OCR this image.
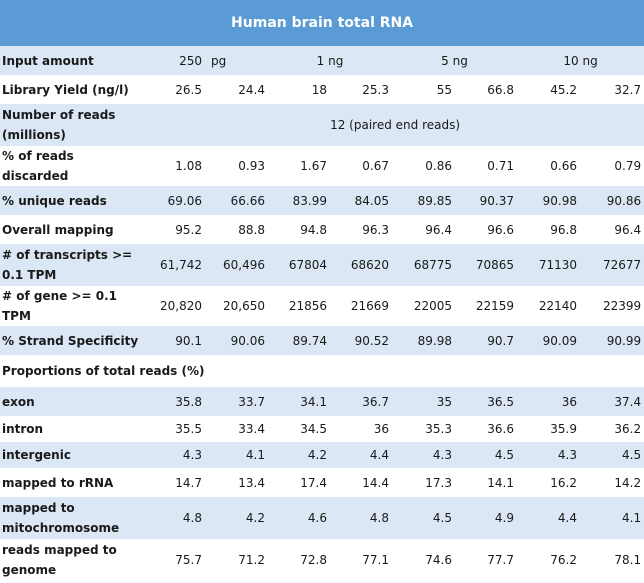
Human brain total RNA								
Input amount	250	pg	1 ng		5 ng		10 ng	
Library Yield (ng/l)	26.5	24.4	18	25.3	55	66.8	45.2	32.7
Number of reads (millions)	12 (paired end reads)							
% of reads discarded	1.08	0.93	1.67	0.67	0.86	0.71	0.66	0.79
% unique reads	69.06	66.66	83.99	84.05	89.85	90.37	90.98	90.86
Overall mapping	95.2	88.8	94.8	96.3	96.4	96.6	96.8	96.4
# of transcripts >= 0.1 TPM	61,742	60,496	67804	68620	68775	70865	71130	72677
# of gene >= 0.1 TPM	20,820	20,650	21856	21669	22005	22159	22140	22399
% Strand Specificity	90.1	90.06	89.74	90.52	89.98	90.7	90.09	90.99
Proportions of total reads (%)								
exon	35.8	33.7	34.1	36.7	35	36.5	36	37.4
intron	35.5	33.4	34.5	36	35.3	36.6	35.9	36.2
intergenic	4.3	4.1	4.2	4.4	4.3	4.5	4.3	4.5
mapped to rRNA	14.7	13.4	17.4	14.4	17.3	14.1	16.2	14.2
mapped to mitochromosome	4.8	4.2	4.6	4.8	4.5	4.9	4.4	4.1
reads mapped to genome	75.7	71.2	72.8	77.1	74.6	77.7	76.2	78.1
